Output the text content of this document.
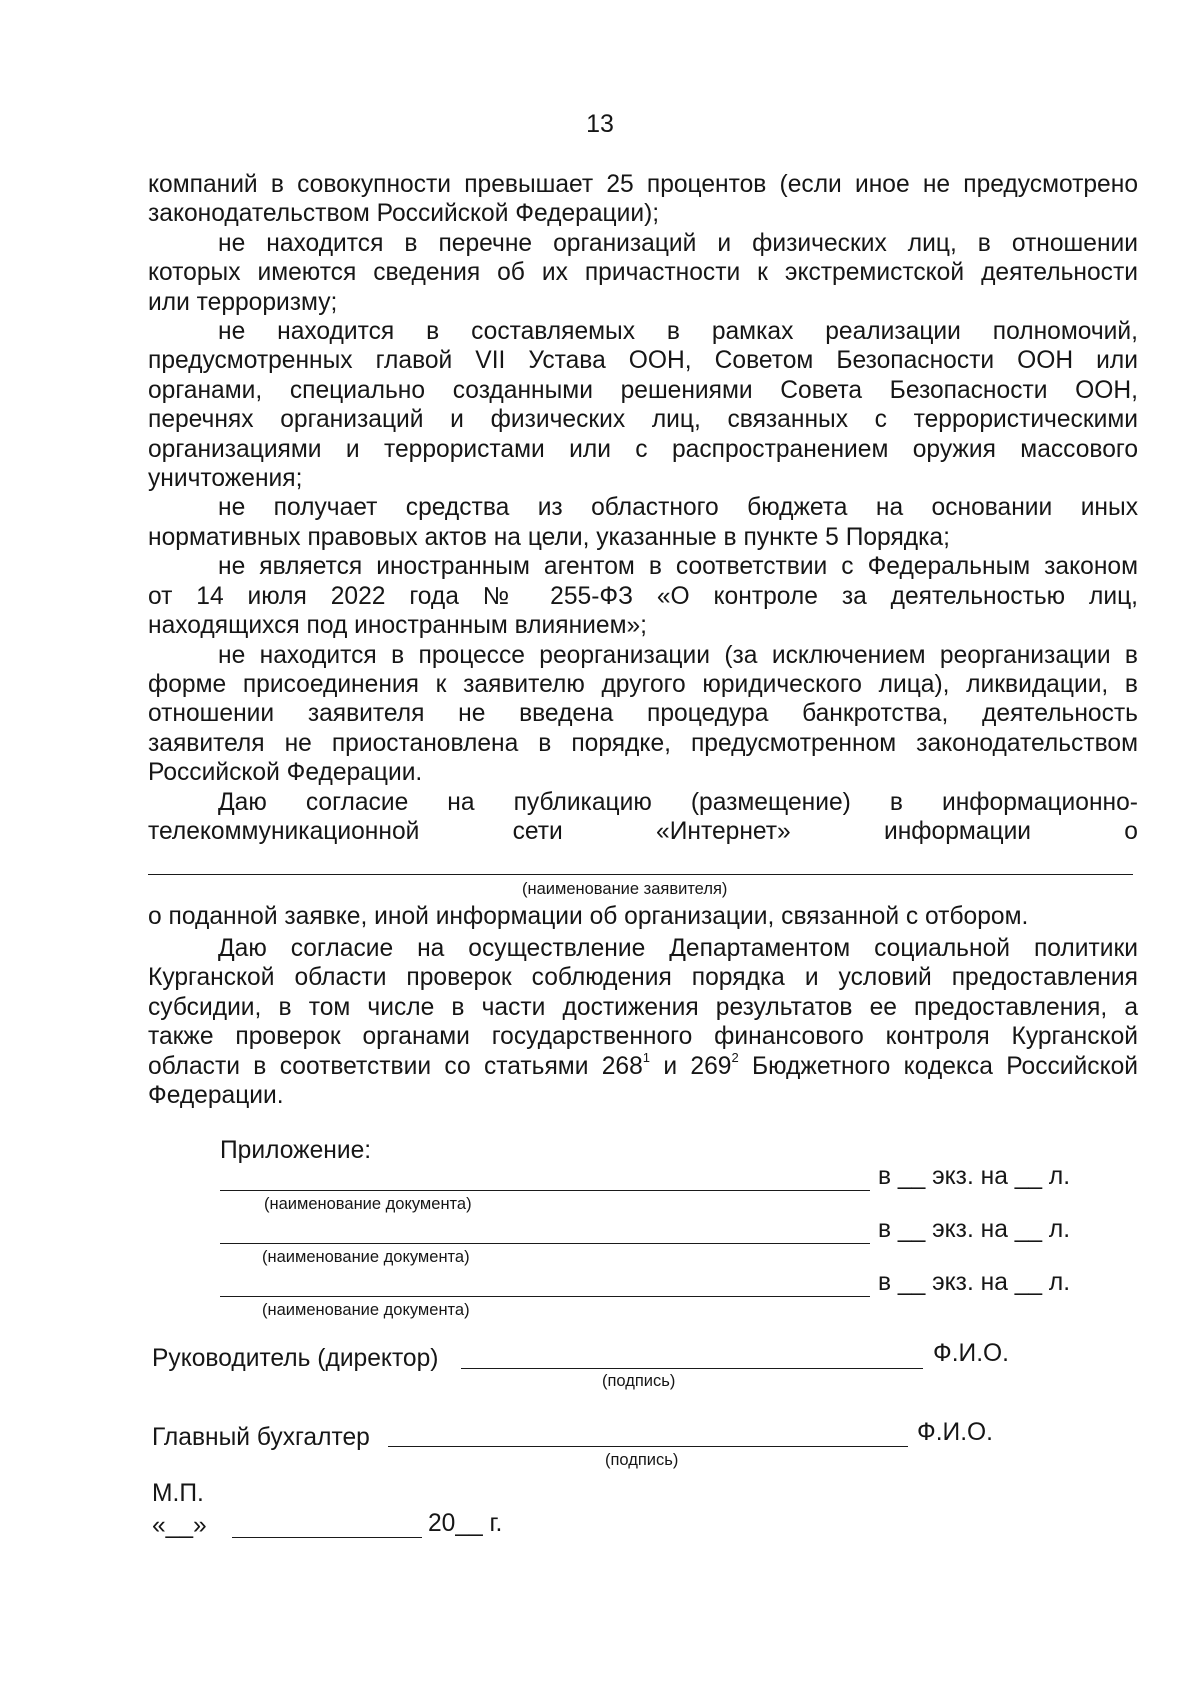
13

компаний в совокупности превышает 25 процентов (если иное не предусмотрено

законодательством Российской Федерации);

не находится в перечне организаций и физических лиц, в отношении

которых имеются сведения об их причастности к экстремистской деятельности

или терроризму;

не находится в составляемых в рамках реализации полномочий,

предусмотренных главой VII Устава ООН, Советом Безопасности ООН или

органами, специально созданными решениями Совета Безопасности ООН,

перечнях организаций и физических лиц, связанных с террористическими

организациями и террористами или с распространением оружия массового

уничтожения;

не получает средства из областного бюджета на основании иных

нормативных правовых актов на цели, указанные в пункте 5 Порядка;

не является иностранным агентом в соответствии с Федеральным законом

от 14 июля 2022 года № 255-ФЗ «О контроле за деятельностью лиц,

находящихся под иностранным влиянием»;

не находится в процессе реорганизации (за исключением реорганизации в

форме присоединения к заявителю другого юридического лица), ликвидации, в

отношении заявителя не введена процедура банкротства, деятельность

заявителя не приостановлена в порядке, предусмотренном законодательством

Российской Федерации.

Даю согласие на публикацию (размещение) в информационно-

телекоммуникационной сети «Интернет» информации о

(наименование заявителя)
о поданной заявке, иной информации об организации, связанной с отбором.

Даю согласие на осуществление Департаментом социальной политики

Курганской области проверок соблюдения порядка и условий предоставления

субсидии, в том числе в части достижения результатов ее предоставления, а

также проверок органами государственного финансового контроля Курганской

области в соответствии со статьями $268^1$ и $269^2$ Бюджетного кодекса Российской

Федерации.

Приложение:
в __ экз. на __ л.
(наименование документа)
в __ экз. на __ л.
(наименование документа)
в __ экз. на __ л.
(наименование документа)
Руководитель (директор)	Ф.И.О.
(подпись)
Главный бухгалтер	Ф.И.О.
(подпись)
М.П.
«__»	20__ г.
